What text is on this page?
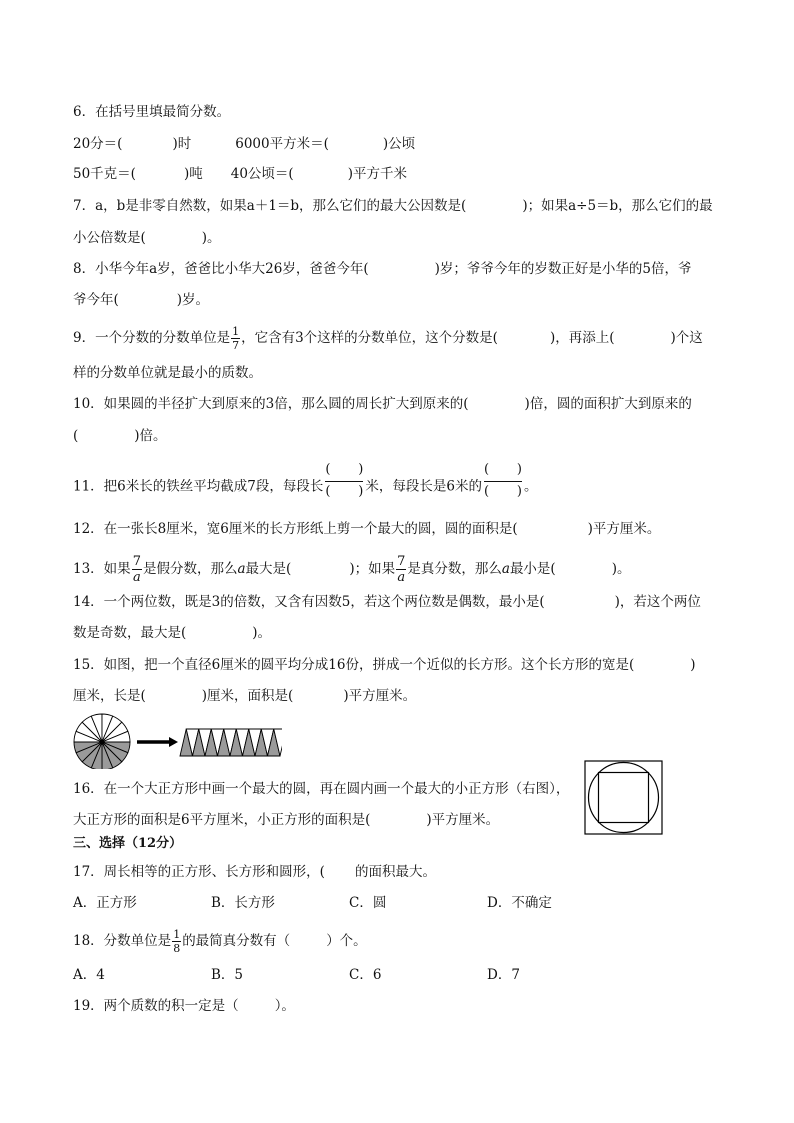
6．在括号里填最简分数。
20分＝(	)时	6000平方米＝(	)公顷
50千克＝(	)吨 40公顷＝(	)平方千米
7．a，b是非零自然数，如果a＋1＝b，那么它们的最大公因数是(	)；如果a÷5＝b，那么它们的最
小公倍数是(	)。
8．小华今年a岁，爸爸比小华大26岁，爸爸今年(	)岁；爷爷今年的岁数正好是小华的5倍，爷
爷今年(	)岁。
9．一个分数的分数单位是 $\frac{1}{7}$ ，它含有3个这样的分数单位，这个分数是(	)，再添上(	)个这
样的分数单位就是最小的质数。
10．如果圆的半径扩大到原来的3倍，那么圆的周长扩大到原来的(	)倍，圆的面积扩大到原来的
(	)倍。
11．把6米长的铁丝平均截成7段，每段长
( )
( ) 米，每段长是6米的
( )
( ) 。
12．在一张长8厘米，宽6厘米的长方形纸上剪一个最大的圆，圆的面积是(	)平方厘米。
13．如果 $\frac{7}{a}$ 是假分数，那么a最大是(	)；如果 $\frac{7}{a}$ 是真分数，那么a最小是(	)。
14．一个两位数，既是3的倍数，又含有因数5，若这个两位数是偶数，最小是(	)，若这个两位
数是奇数，最大是(	)。
15．如图，把一个直径6厘米的圆平均分成16份，拼成一个近似的长方形。这个长方形的宽是(	)
厘米，长是(	)厘米，面积是(	)平方厘米。
16．在一个大正方形中画一个最大的圆，再在圆内画一个最大的小正方形（右图），
大正方形的面积是6平方厘米，小正方形的面积是(	)平方厘米。
三、选择（12分）
17．周长相等的正方形、长方形和圆形，( 的面积最大。
A．正方形	B．长方形	C．圆	D．不确定
18．分数单位是 $\frac{1}{8}$ 的最简真分数有（	）个。
A．4	B．5	C．6	D．7
19．两个质数的积一定是（	）。
